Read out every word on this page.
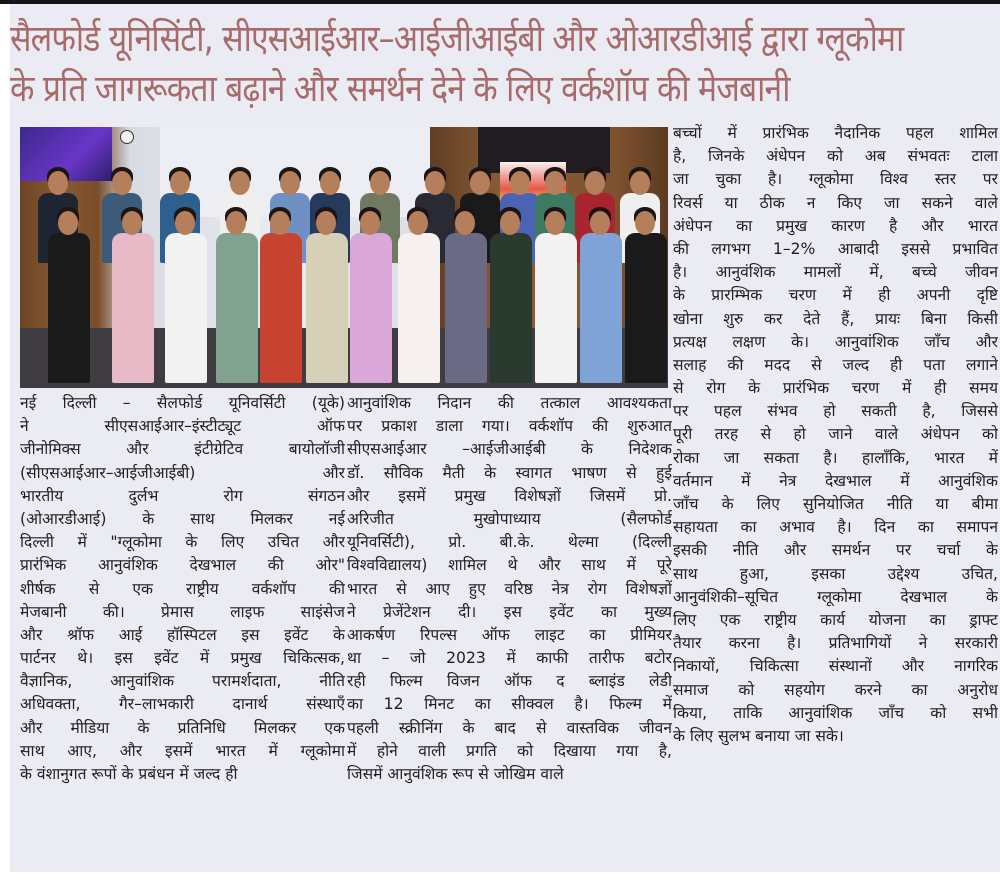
सैलफोर्ड यूनिसिंटी, सीएसआईआर–आईजीआईबी और ओआरडीआई द्वारा ग्लूकोमा
के प्रति जागरूकता बढ़ाने और समर्थन देने के लिए वर्कशॉप की मेजबानी
नई दिल्ली – सैलफोर्ड यूनिवर्सिटी (यूके)
ने सीएसआईआर–इंस्टीट्यूट ऑफ
जीनोमिक्स और इंटीग्रेटिव बायोलॉजी
(सीएसआईआर–आईजीआईबी) और
भारतीय दुर्लभ रोग संगठन
(ओआरडीआई) के साथ मिलकर नई
दिल्ली में "ग्लूकोमा के लिए उचित और
प्रारंभिक आनुवंशिक देखभाल की ओर"
शीर्षक से एक राष्ट्रीय वर्कशॉप की
मेजबानी की। प्रेमास लाइफ साइंसेज
और श्रॉफ आई हॉस्पिटल इस इवेंट के
पार्टनर थे। इस इवेंट में प्रमुख चिकित्सक,
वैज्ञानिक, आनुवांशिक परामर्शदाता, नीति
अधिवक्ता, गैर–लाभकारी दानार्थ संस्थाएँ
और मीडिया के प्रतिनिधि मिलकर एक
साथ आए, और इसमें भारत में ग्लूकोमा
के वंशानुगत रूपों के प्रबंधन में जल्द ही
आनुवांशिक निदान की तत्काल आवश्यकता
पर प्रकाश डाला गया। वर्कशॉप की शुरुआत
सीएसआईआर –आईजीआईबी के निदेशक
डॉ. सौविक मैती के स्वागत भाषण से हुई
और इसमें प्रमुख विशेषज्ञों जिसमें प्रो.
अरिजीत मुखोपाध्याय (सैलफोर्ड
यूनिवर्सिटी), प्रो. बी.के. थेल्मा (दिल्ली
विश्वविद्यालय) शामिल थे और साथ में पूरे
भारत से आए हुए वरिष्ठ नेत्र रोग विशेषज्ञों
ने प्रेजेंटेशन दी। इस इवेंट का मुख्य
आकर्षण रिपल्स ऑफ लाइट का प्रीमियर
था – जो 2023 में काफी तारीफ बटोर
रही फिल्म विजन ऑफ द ब्लाइंड लेडी
का 12 मिनट का सीक्वल है। फिल्म में
पहली स्क्रीनिंग के बाद से वास्तविक जीवन
में होने वाली प्रगति को दिखाया गया है,
जिसमें आनुवंशिक रूप से जोखिम वाले
बच्चों में प्रारंभिक नैदानिक पहल शामिल
है, जिनके अंधेपन को अब संभवतः टाला
जा चुका है। ग्लूकोमा विश्व स्तर पर
रिवर्स या ठीक न किए जा सकने वाले
अंधेपन का प्रमुख कारण है और भारत
की लगभग 1–2% आबादी इससे प्रभावित
है। आनुवंशिक मामलों में, बच्चे जीवन
के प्रारम्भिक चरण में ही अपनी दृष्टि
खोना शुरु कर देते हैं, प्रायः बिना किसी
प्रत्यक्ष लक्षण के। आनुवांशिक जाँच और
सलाह की मदद से जल्द ही पता लगाने
से रोग के प्रारंभिक चरण में ही समय
पर पहल संभव हो सकती है, जिससे
पूरी तरह से हो जाने वाले अंधेपन को
रोका जा सकता है। हालाँकि, भारत में
वर्तमान में नेत्र देखभाल में आनुवंशिक
जाँच के लिए सुनियोजित नीति या बीमा
सहायता का अभाव है। दिन का समापन
इसकी नीति और समर्थन पर चर्चा के
साथ हुआ, इसका उद्देश्य उचित,
आनुवंशिकी–सूचित ग्लूकोमा देखभाल के
लिए एक राष्ट्रीय कार्य योजना का ड्राफ्ट
तैयार करना है। प्रतिभागियों ने सरकारी
निकायों, चिकित्सा संस्थानों और नागरिक
समाज को सहयोग करने का अनुरोध
किया, ताकि आनुवांशिक जाँच को सभी
के लिए सुलभ बनाया जा सके।
